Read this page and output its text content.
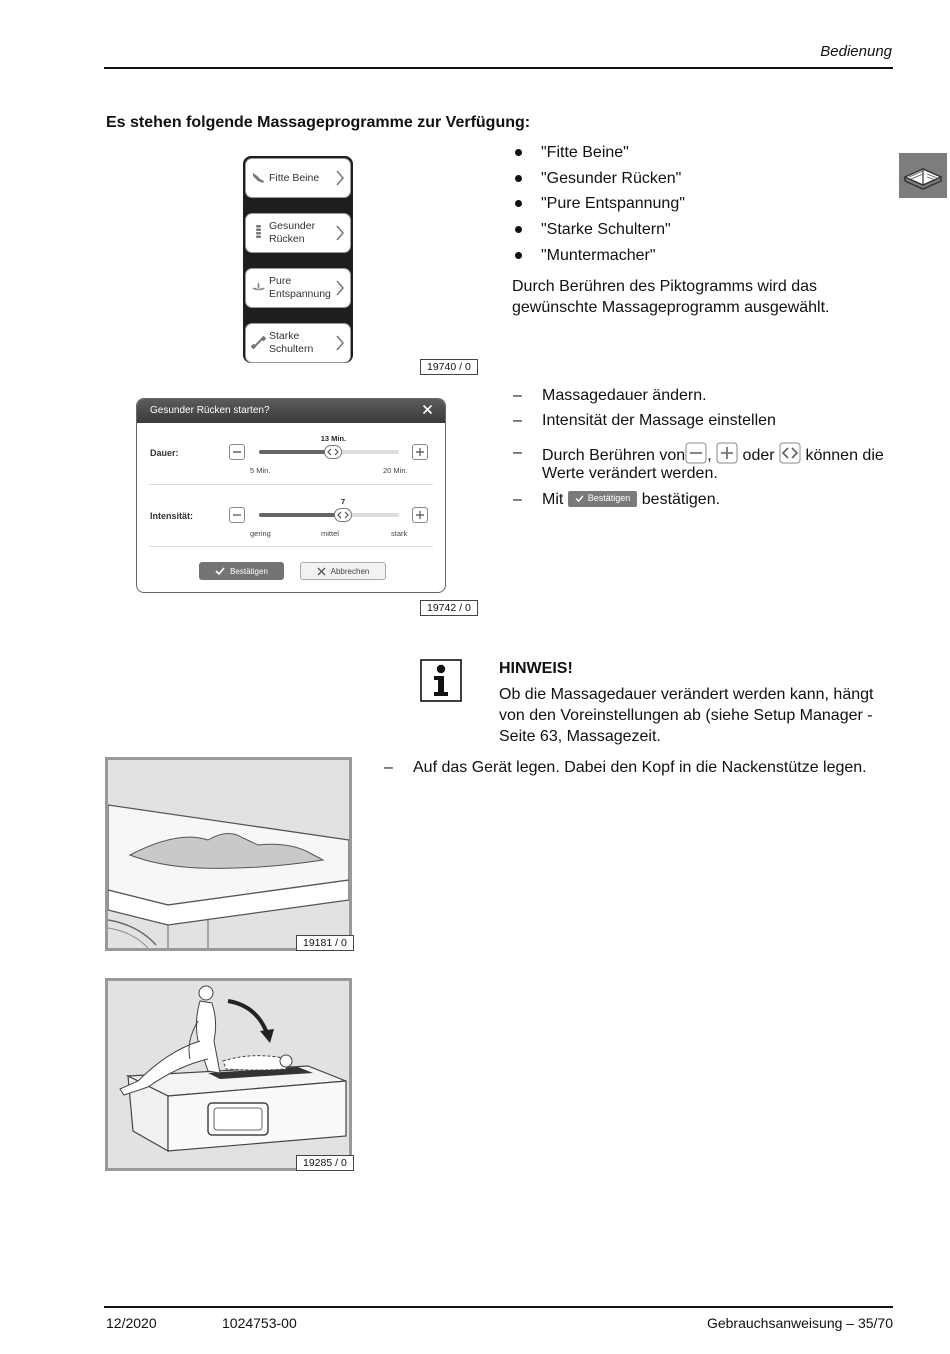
Bedienung
Es stehen folgende Massageprogramme zur Verfügung:
Fitte Beine
Gesunder
Rücken
Pure
Entspannung
Starke
Schultern
19740 / 0
"Fitte Beine"
"Gesunder Rücken"
"Pure Entspannung"
"Starke Schultern"
"Muntermacher"
Durch Berühren des Piktogramms wird das gewünschte Massageprogramm ausgewählt.
Gesunder Rücken starten?
Dauer:
13 Min.
5 Min.	20 Min.
Intensität:
7
gering	mittel	stark
Bestätigen	Abbrechen
19742 / 0
– Massagedauer ändern.
– Intensität der Massage einstellen
– Durch Berühren von , oder können die
Werte verändert werden.
– Mit	Bestätigen bestätigen.
HINWEIS!
Ob die Massagedauer verändert werden kann, hängt von den Voreinstellungen ab (siehe Setup Manager - Seite 63, Massagezeit.
– Auf das Gerät legen. Dabei den Kopf in die Nackenstütze legen.
19181 / 0
19285 / 0
12/2020	1024753-00	Gebrauchsanweisung – 35/70
